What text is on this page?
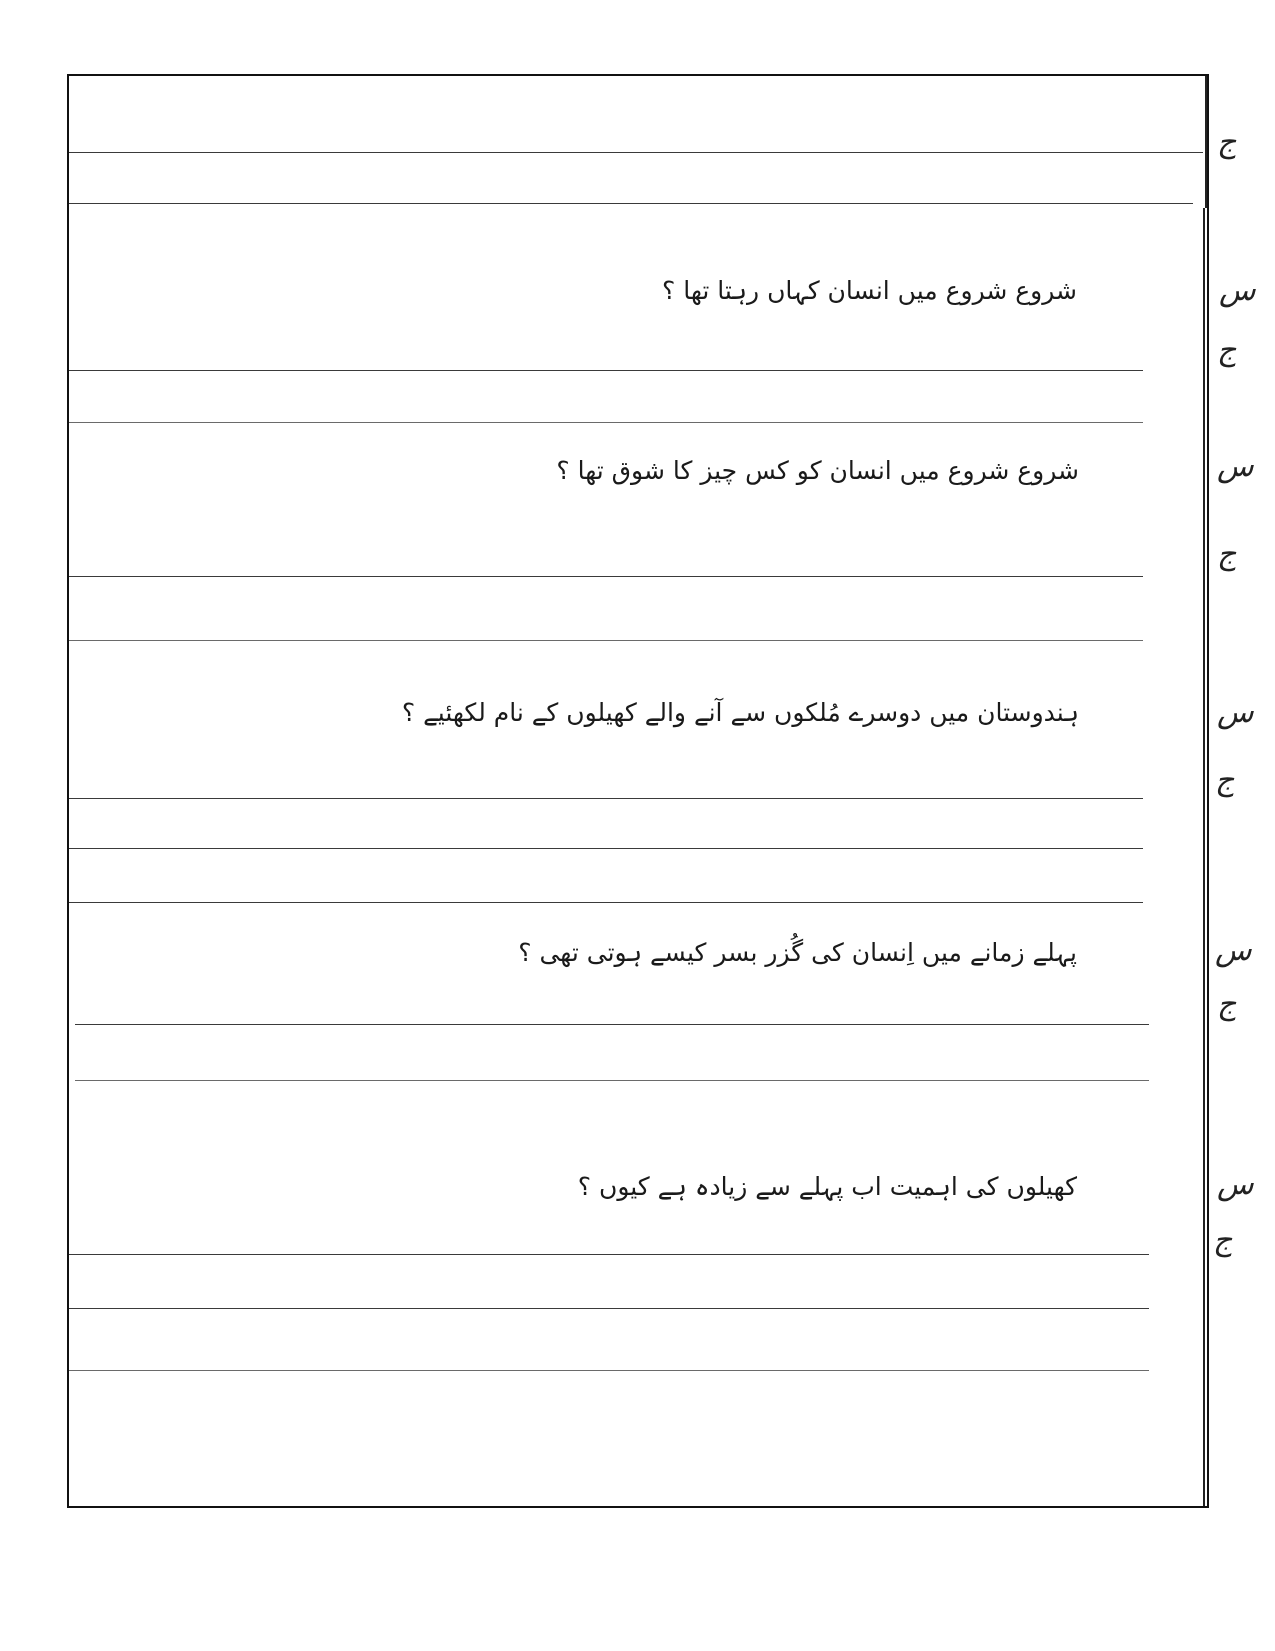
ج
س
شروع شروع میں انسان کہاں رہتا تھا ؟
ج
س
شروع شروع میں انسان کو کس چیز کا شوق تھا ؟
ج
س
ہندوستان میں دوسرے مُلکوں سے آنے والے کھیلوں کے نام لکھئیے ؟
ج
س
پہلے زمانے میں اِنسان کی گُزر بسر کیسے ہوتی تھی ؟
ج
س
کھیلوں کی اہمیت اب پہلے سے زیادہ ہے کیوں ؟
ج
